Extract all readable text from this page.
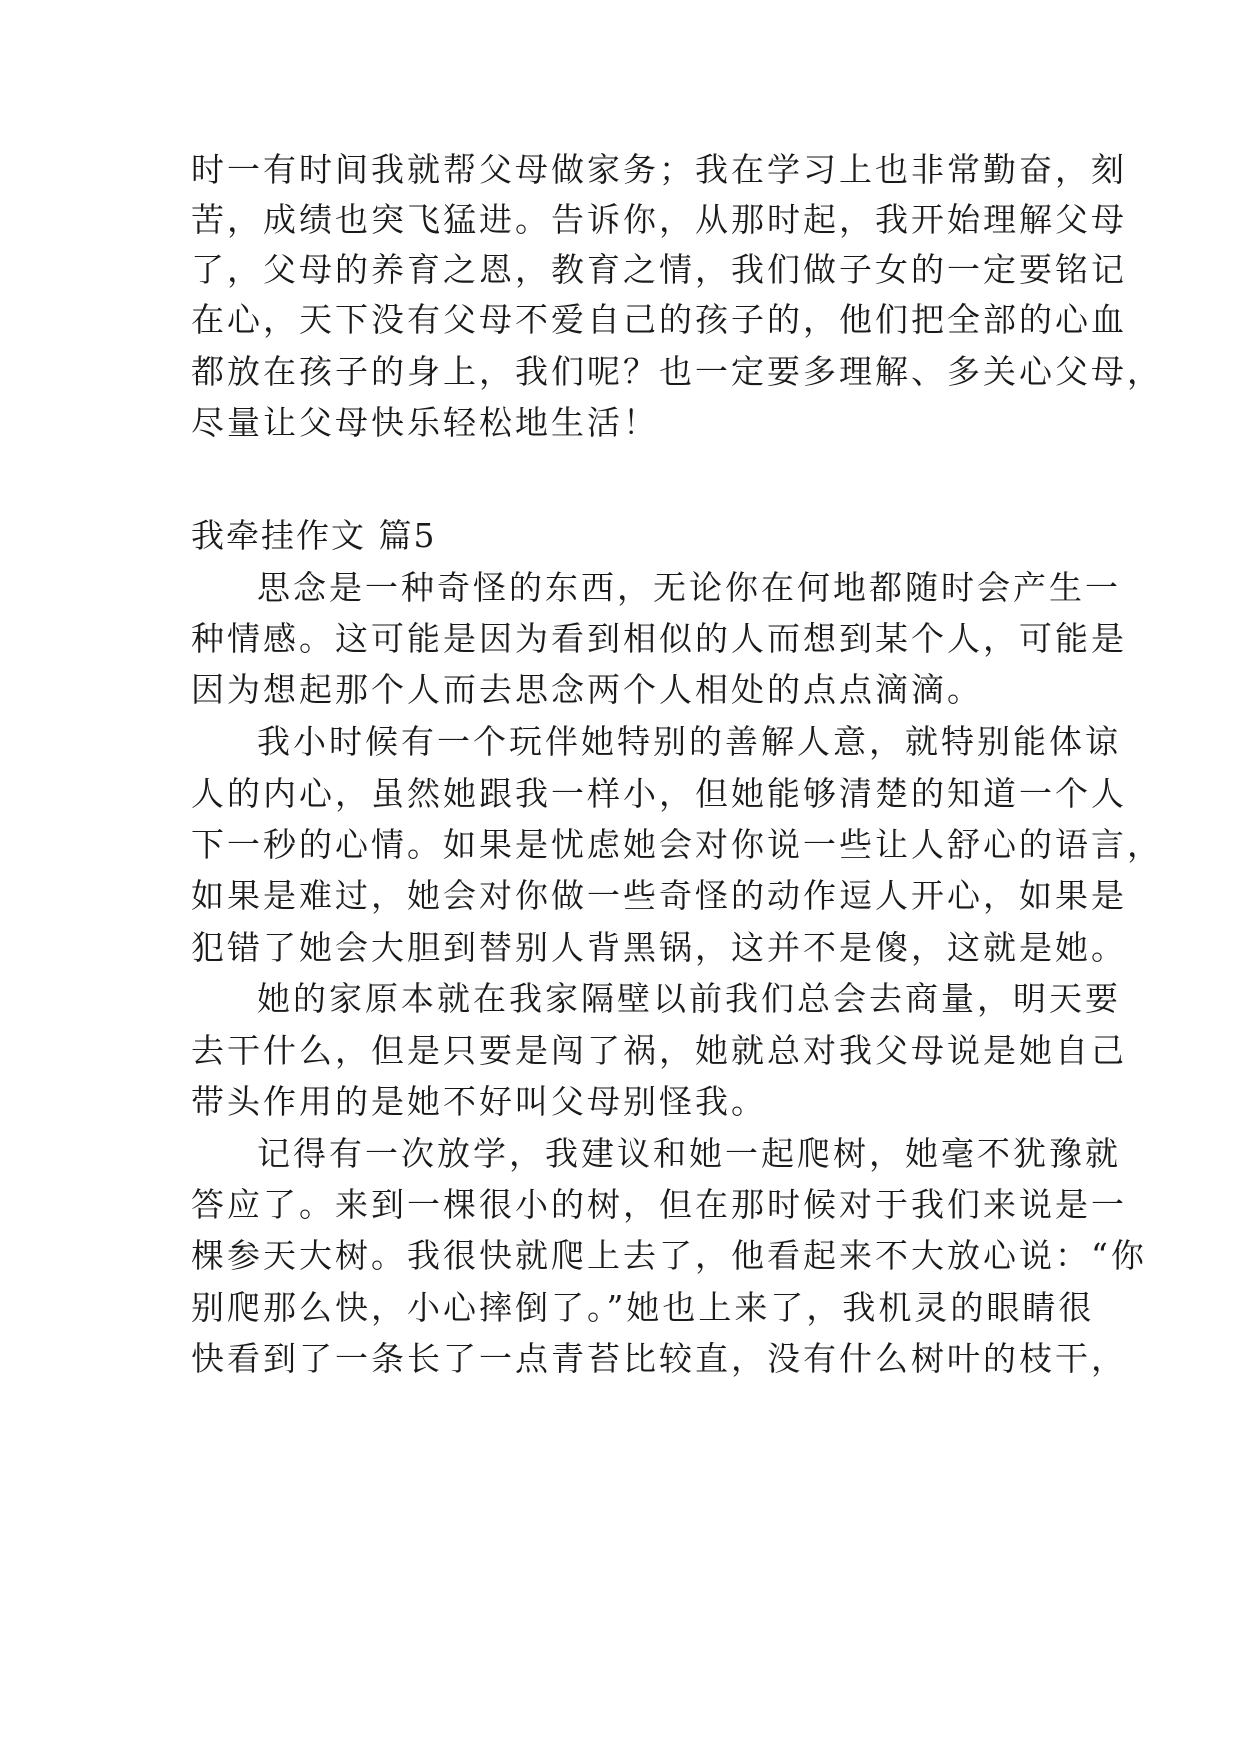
时一有时间我就帮父母做家务；我在学习上也非常勤奋，刻
苦，成绩也突飞猛进。告诉你，从那时起，我开始理解父母
了，父母的养育之恩，教育之情，我们做子女的一定要铭记
在心，天下没有父母不爱自己的孩子的，他们把全部的心血
都放在孩子的身上，我们呢？也一定要多理解、多关心父母，
尽量让父母快乐轻松地生活！
我牵挂作文 篇5
思念是一种奇怪的东西，无论你在何地都随时会产生一
种情感。这可能是因为看到相似的人而想到某个人，可能是
因为想起那个人而去思念两个人相处的点点滴滴。
我小时候有一个玩伴她特别的善解人意，就特别能体谅
人的内心，虽然她跟我一样小，但她能够清楚的知道一个人
下一秒的心情。如果是忧虑她会对你说一些让人舒心的语言，
如果是难过，她会对你做一些奇怪的动作逗人开心，如果是
犯错了她会大胆到替别人背黑锅，这并不是傻，这就是她。
她的家原本就在我家隔壁以前我们总会去商量，明天要
去干什么，但是只要是闯了祸，她就总对我父母说是她自己
带头作用的是她不好叫父母别怪我。
记得有一次放学，我建议和她一起爬树，她毫不犹豫就
答应了。来到一棵很小的树，但在那时候对于我们来说是一
棵参天大树。我很快就爬上去了，他看起来不大放心说：“你
别爬那么快，小心摔倒了。”她也上来了，我机灵的眼睛很
快看到了一条长了一点青苔比较直，没有什么树叶的枝干，
